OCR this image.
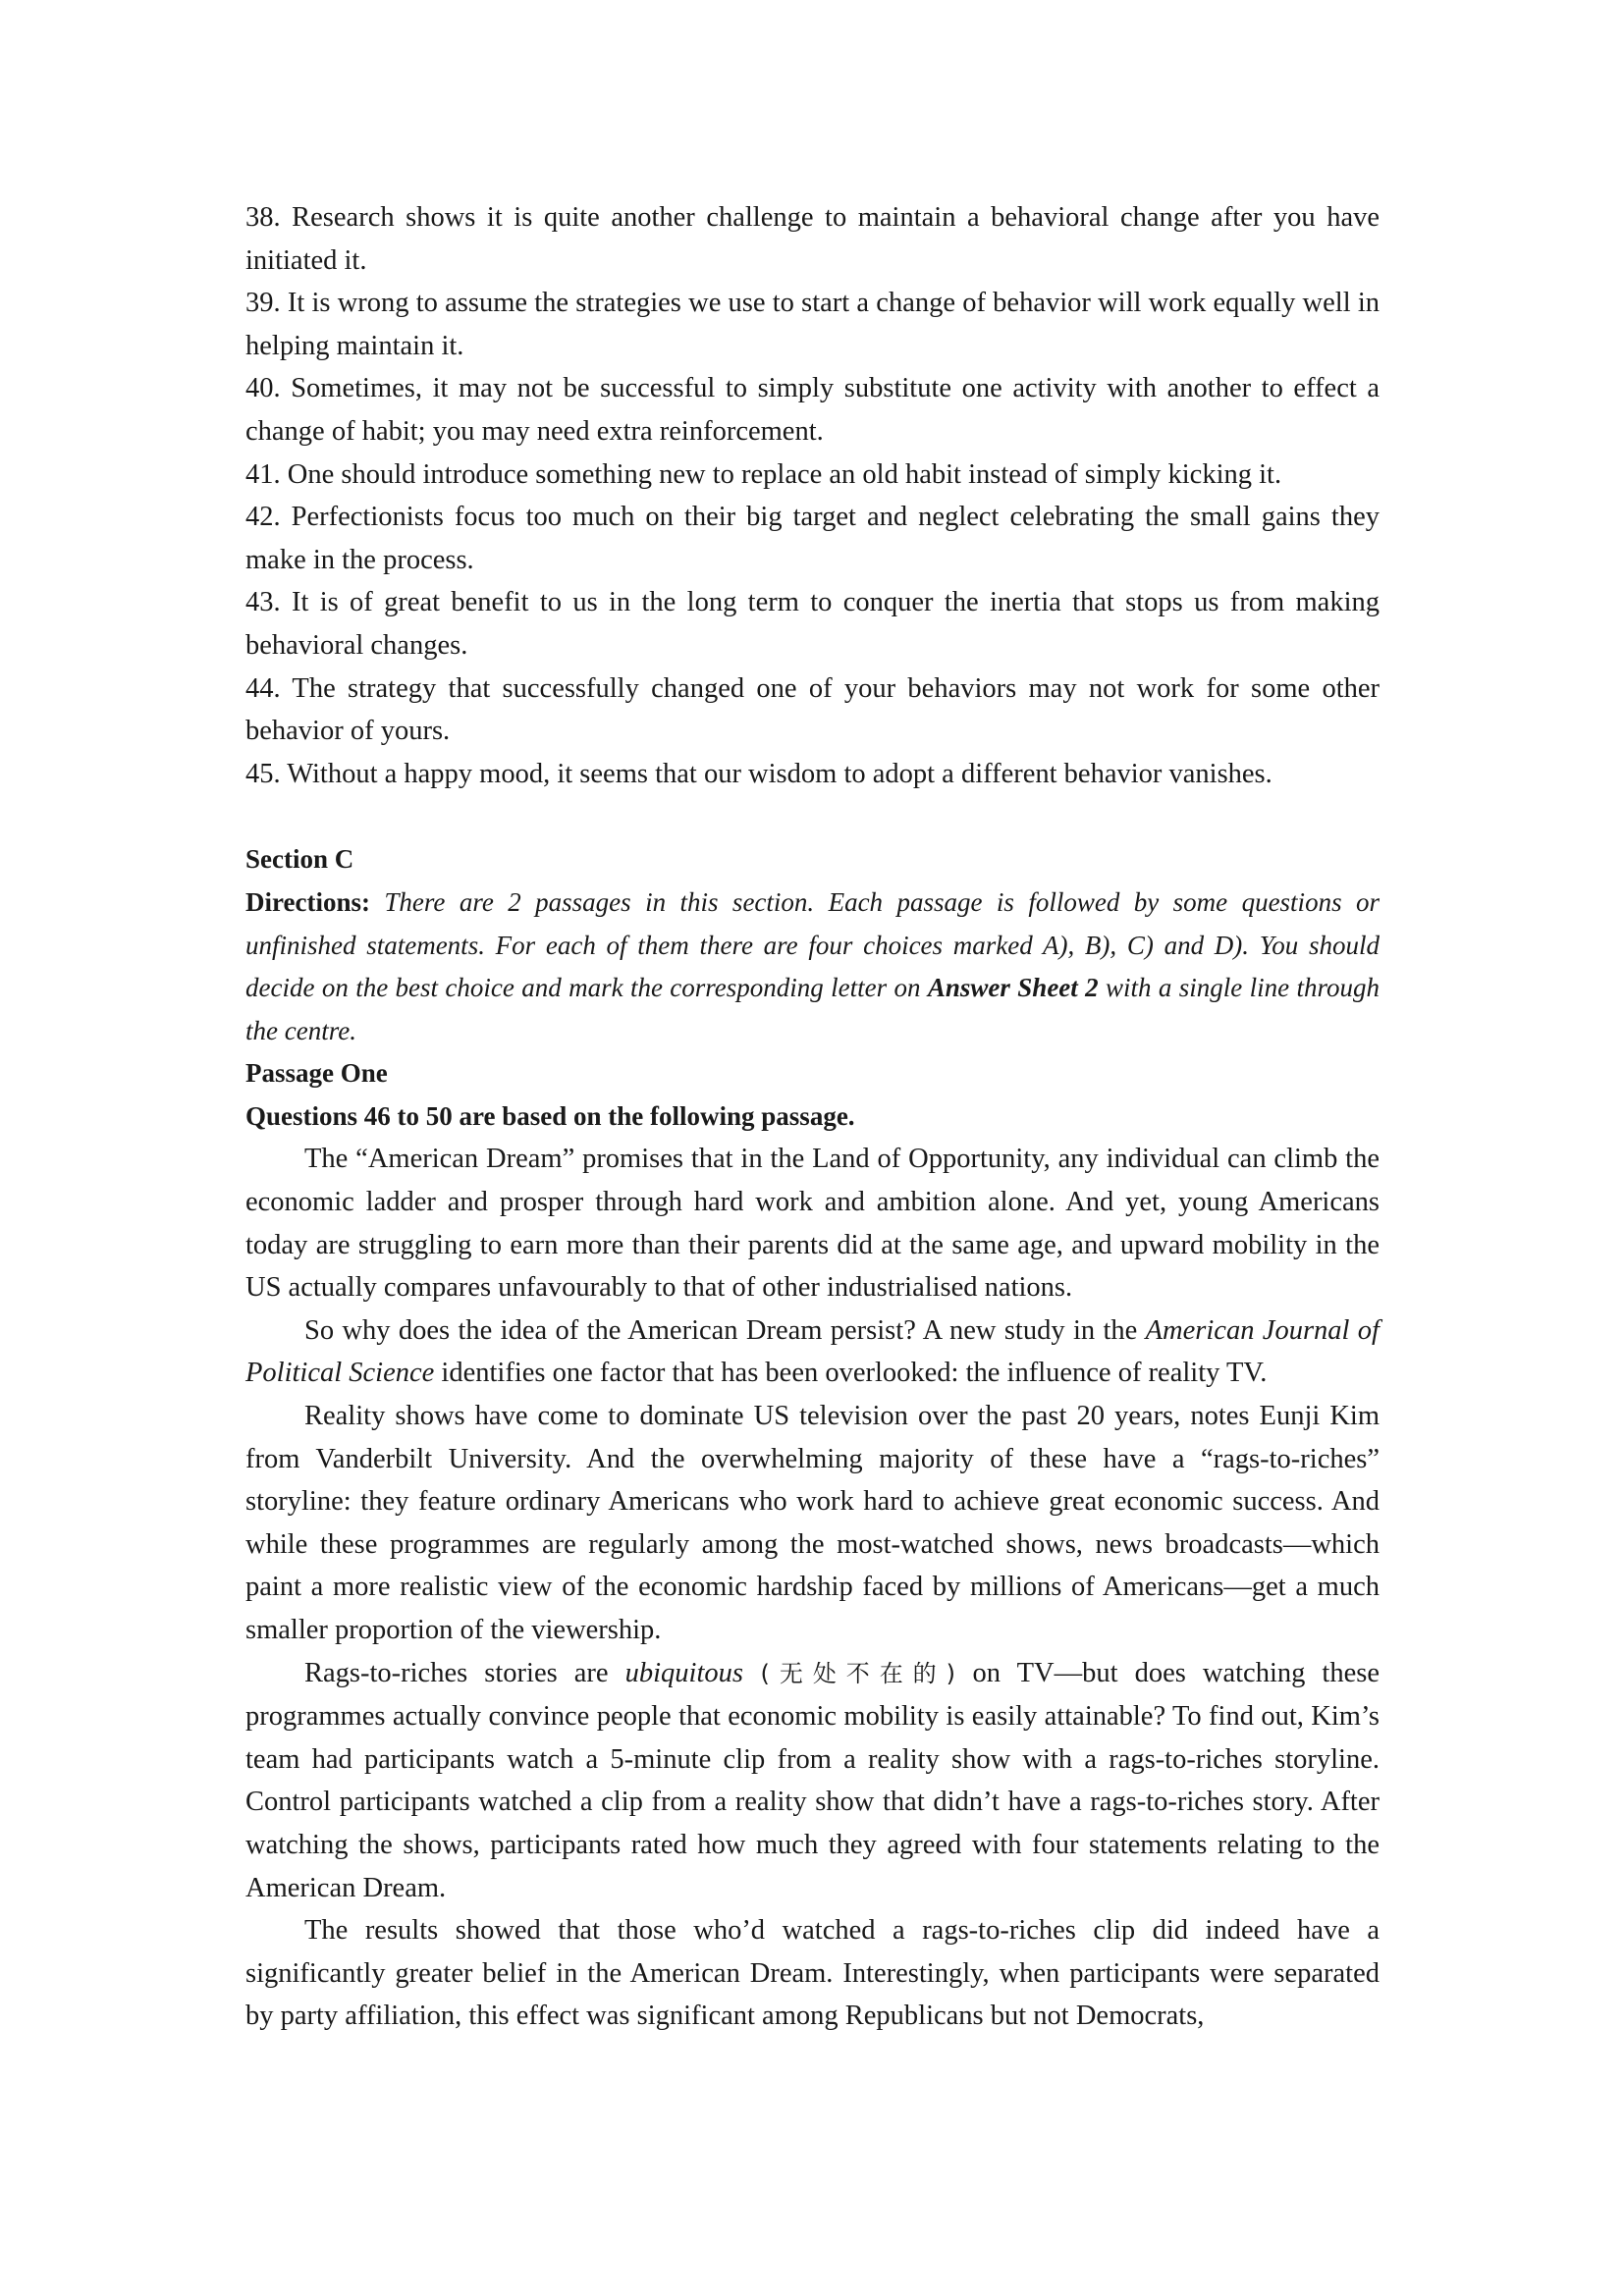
38. Research shows it is quite another challenge to maintain a behavioral change after you have initiated it.

39. It is wrong to assume the strategies we use to start a change of behavior will work equally well in helping maintain it.

40. Sometimes, it may not be successful to simply substitute one activity with another to effect a change of habit; you may need extra reinforcement.

41. One should introduce something new to replace an old habit instead of simply kicking it.

42. Perfectionists focus too much on their big target and neglect celebrating the small gains they make in the process.

43. It is of great benefit to us in the long term to conquer the inertia that stops us from making behavioral changes.

44. The strategy that successfully changed one of your behaviors may not work for some other behavior of yours.

45. Without a happy mood, it seems that our wisdom to adopt a different behavior vanishes.

Section C

Directions: There are 2 passages in this section. Each passage is followed by some questions or unfinished statements. For each of them there are four choices marked A), B), C) and D). You should decide on the best choice and mark the corresponding letter on Answer Sheet 2 with a single line through the centre.

Passage One

Questions 46 to 50 are based on the following passage.

The “American Dream” promises that in the Land of Opportunity, any individual can climb the economic ladder and prosper through hard work and ambition alone. And yet, young Americans today are struggling to earn more than their parents did at the same age, and upward mobility in the US actually compares unfavourably to that of other industrialised nations.

So why does the idea of the American Dream persist? A new study in the American Journal of Political Science identifies one factor that has been overlooked: the influence of reality TV.

Reality shows have come to dominate US television over the past 20 years, notes Eunji Kim from Vanderbilt University. And the overwhelming majority of these have a “rags-to-riches” storyline: they feature ordinary Americans who work hard to achieve great economic success. And while these programmes are regularly among the most-watched shows, news broadcasts—which paint a more realistic view of the economic hardship faced by millions of Americans—get a much smaller proportion of the viewership.

Rags-to-riches stories are ubiquitous (无处不在的) on TV—but does watching these programmes actually convince people that economic mobility is easily attainable? To find out, Kim’s team had participants watch a 5-minute clip from a reality show with a rags-to-riches storyline. Control participants watched a clip from a reality show that didn’t have a rags-to-riches story. After watching the shows, participants rated how much they agreed with four statements relating to the American Dream.

The results showed that those who’d watched a rags-to-riches clip did indeed have a significantly greater belief in the American Dream. Interestingly, when participants were separated by party affiliation, this effect was significant among Republicans but not Democrats,
